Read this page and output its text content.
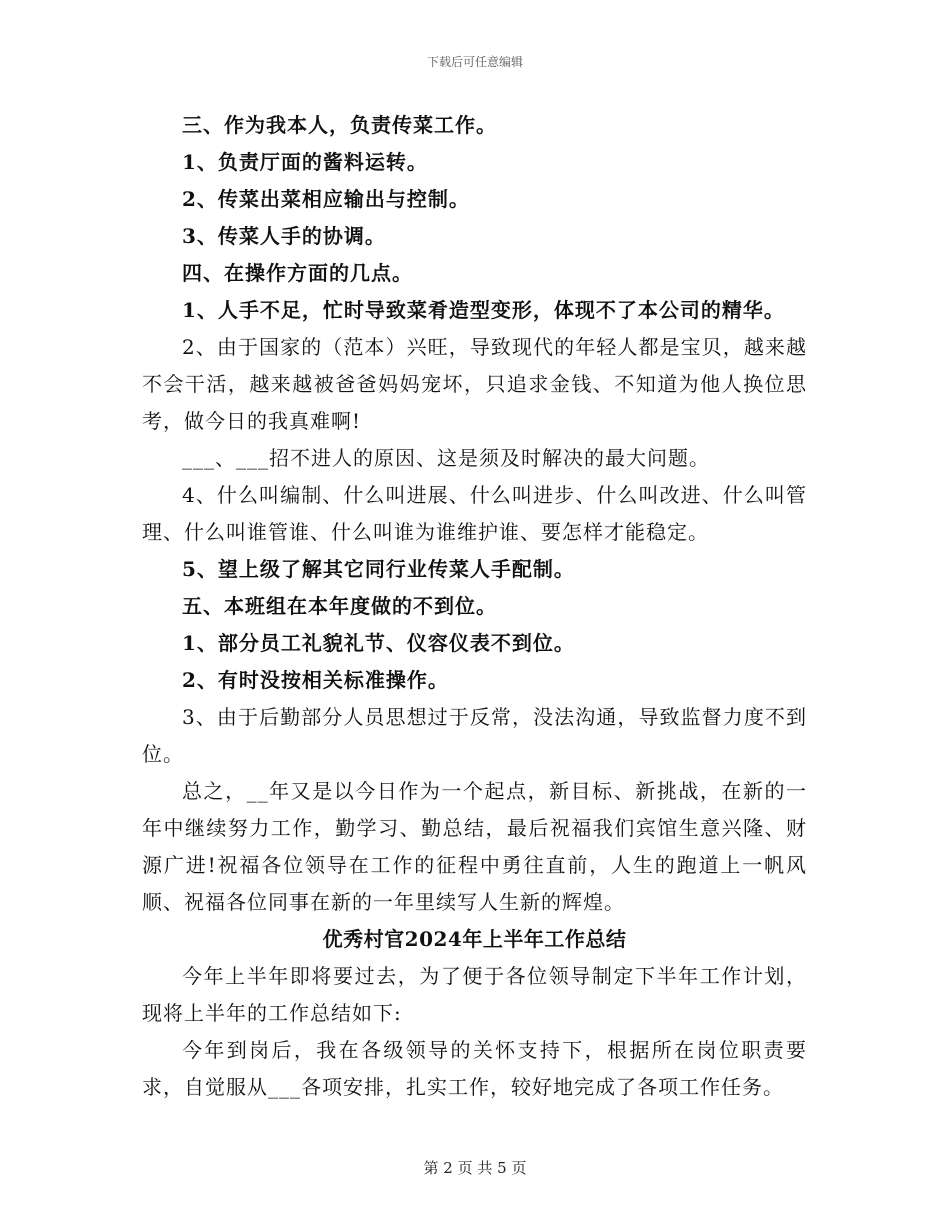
下载后可任意编辑

三、作为我本人，负责传菜工作。

1、负责厅面的酱料运转。

2、传菜出菜相应输出与控制。

3、传菜人手的协调。

四、在操作方面的几点。

1、人手不足，忙时导致菜肴造型变形，体现不了本公司的精华。

2、由于国家的（范本）兴旺，导致现代的年轻人都是宝贝，越来越不会干活，越来越被爸爸妈妈宠坏，只追求金钱、不知道为他人换位思考，做今日的我真难啊!

___、___招不进人的原因、这是须及时解决的最大问题。

4、什么叫编制、什么叫进展、什么叫进步、什么叫改进、什么叫管理、什么叫谁管谁、什么叫谁为谁维护谁、要怎样才能稳定。

5、望上级了解其它同行业传菜人手配制。

五、本班组在本年度做的不到位。

1、部分员工礼貌礼节、仪容仪表不到位。

2、有时没按相关标准操作。

3、由于后勤部分人员思想过于反常，没法沟通，导致监督力度不到位。

总之，__年又是以今日作为一个起点，新目标、新挑战，在新的一年中继续努力工作，勤学习、勤总结，最后祝福我们宾馆生意兴隆、财源广进!祝福各位领导在工作的征程中勇往直前，人生的跑道上一帆风顺、祝福各位同事在新的一年里续写人生新的辉煌。

优秀村官2024年上半年工作总结

今年上半年即将要过去，为了便于各位领导制定下半年工作计划，现将上半年的工作总结如下:

今年到岗后，我在各级领导的关怀支持下，根据所在岗位职责要求，自觉服从___各项安排，扎实工作，较好地完成了各项工作任务。

第 2 页 共 5 页
